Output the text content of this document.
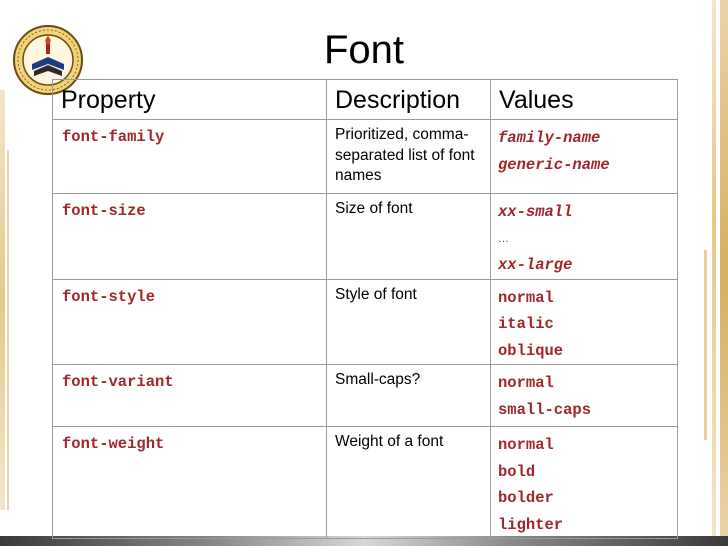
Font
Property	Description	Values
font-family	Prioritized, comma-separated list of font names	family-name
generic-name

font-size	Size of font	xx-small
…
xx-large

font-style	Style of font	normal
italic
oblique

font-variant	Small-caps?	normal
small-caps

font-weight	Weight of a font	normal
bold
bolder
lighter
